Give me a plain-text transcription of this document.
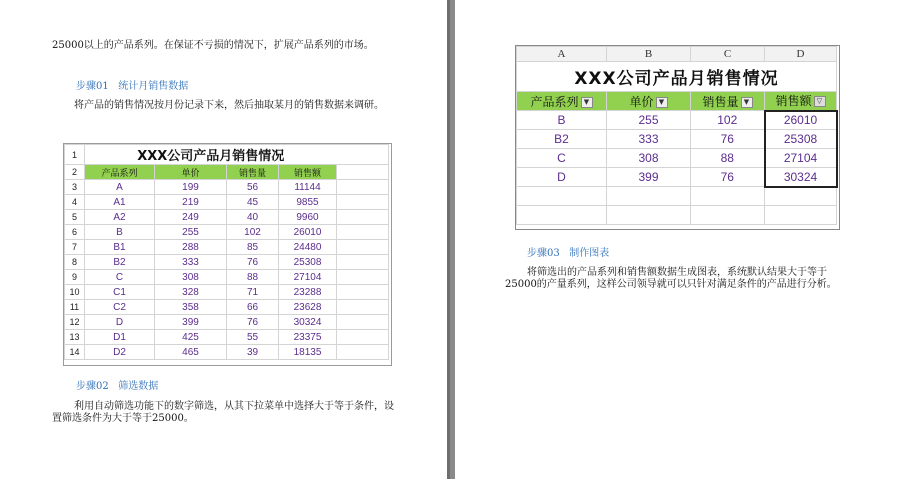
25000以上的产品系列。在保证不亏损的情况下，扩展产品系列的市场。
步骤01 统计月销售数据
将产品的销售情况按月份记录下来，然后抽取某月的销售数据来调研。
1	XXX公司产品月销售情况				
2	产品系列	单价	销售量	销售额	
3	A	199	56	11144	
4	A1	219	45	9855	
5	A2	249	40	9960	
6	B	255	102	26010	
7	B1	288	85	24480	
8	B2	333	76	25308	
9	C	308	88	27104	
10	C1	328	71	23288	
11	C2	358	66	23628	
12	D	399	76	30324	
13	D1	425	55	23375	
14	D2	465	39	18135	
步骤02 筛选数据
利用自动筛选功能下的数字筛选，从其下拉菜单中选择大于等于条件，设置筛选条件为大于等于25000。
A	B	C	D
XXX公司产品月销售情况			
产品系列 ▼	单价 ▼	销售量 ▼	销售额 ▽
B	255	102	26010
B2	333	76	25308
C	308	88	27104
D	399	76	30324

步骤03 制作图表
将筛选出的产品系列和销售额数据生成图表，系统默认结果大于等于25000的产量系列，这样公司领导就可以只针对满足条件的产品进行分析。
